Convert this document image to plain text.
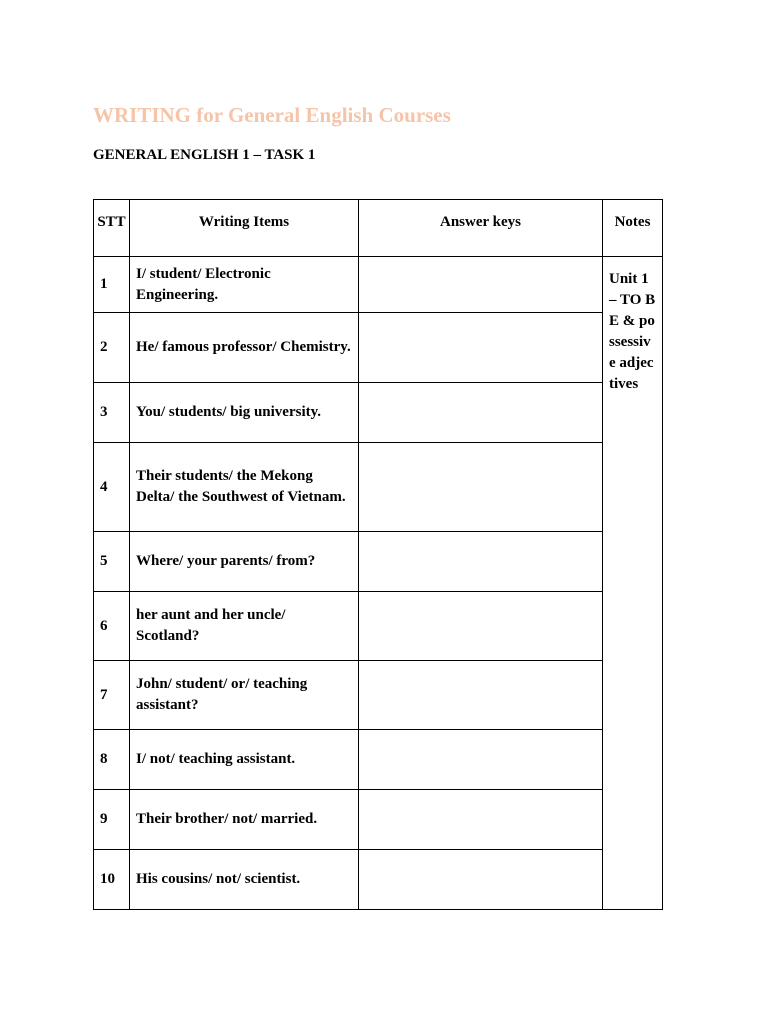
WRITING for General English Courses
GENERAL ENGLISH 1 – TASK 1
STT	Writing Items	Answer keys	Notes
1	I/ student/ Electronic Engineering.		Unit 1 – TO BE & possessive adjectives
2	He/ famous professor/ Chemistry.		
3	You/ students/ big university.		
4	Their students/ the Mekong Delta/ the Southwest of Vietnam.		
5	Where/ your parents/ from?		
6	her aunt and her uncle/ Scotland?		
7	John/ student/ or/ teaching assistant?		
8	I/ not/ teaching assistant.		
9	Their brother/ not/ married.		
10	His cousins/ not/ scientist.		
